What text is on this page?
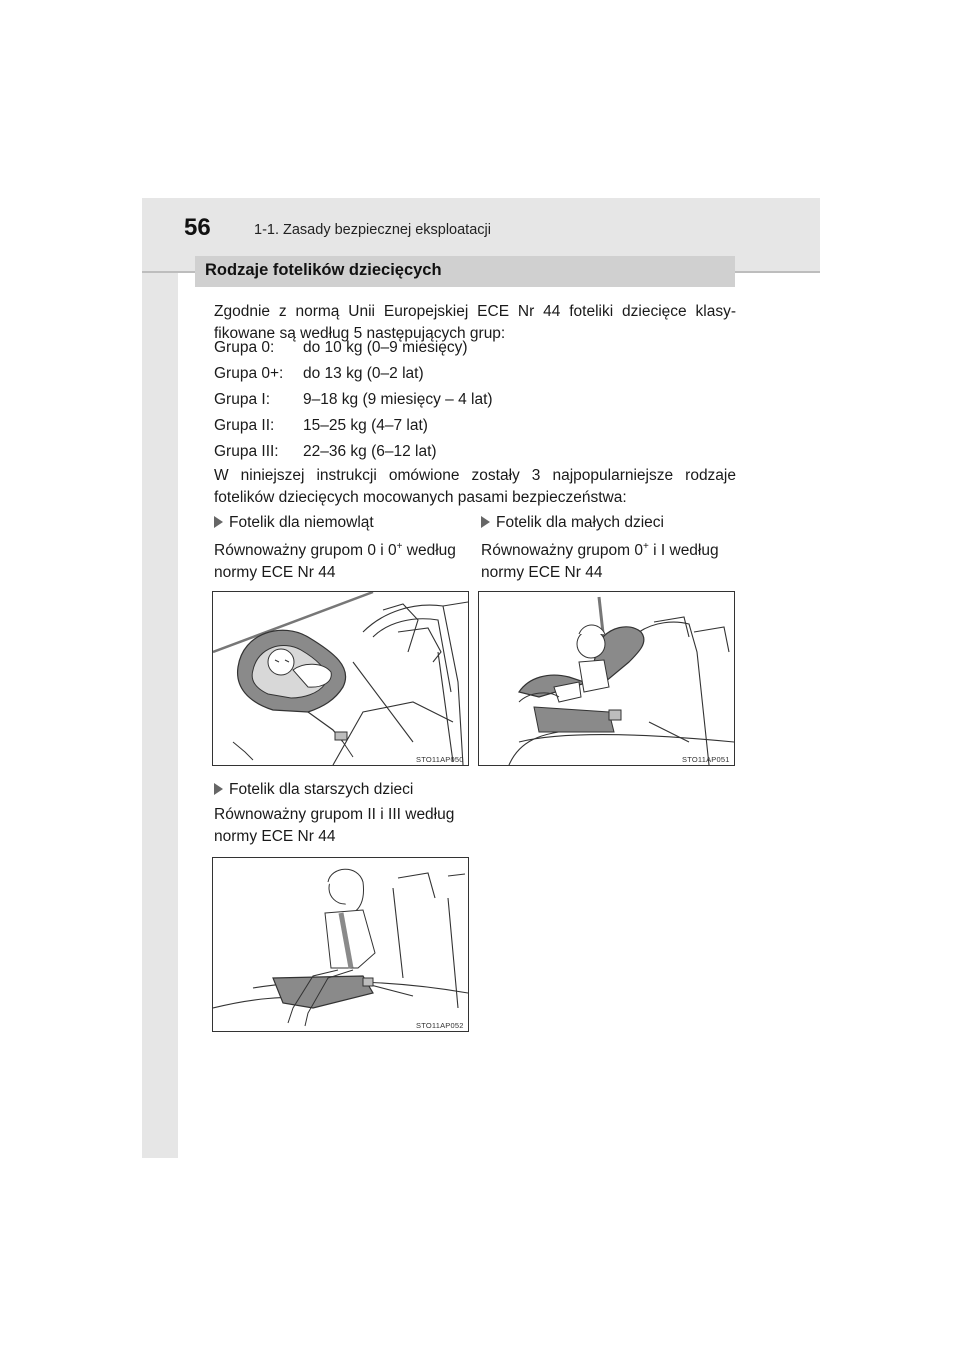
56	1-1. Zasady bezpiecznej eksploatacji
Rodzaje fotelików dziecięcych
Zgodnie z normą Unii Europejskiej ECE Nr 44 foteliki dziecięce klasy-
fikowane są według 5 następujących grup:
Grupa 0: do 10 kg (0–9 miesięcy)
Grupa 0+: do 13 kg (0–2 lat)
Grupa I: 9–18 kg (9 miesięcy – 4 lat)
Grupa II: 15–25 kg (4–7 lat)
Grupa III: 22–36 kg (6–12 lat)
W niniejszej instrukcji omówione zostały 3 najpopularniejsze rodzaje
fotelików dziecięcych mocowanych pasami bezpieczeństwa:
Fotelik dla niemowląt
Równoważny grupom 0 i 0+ według
normy ECE Nr 44
Fotelik dla małych dzieci
Równoważny grupom 0+ i I według
normy ECE Nr 44
STO11AP050	STO11AP051
Fotelik dla starszych dzieci
Równoważny grupom II i III według
normy ECE Nr 44
STO11AP052
